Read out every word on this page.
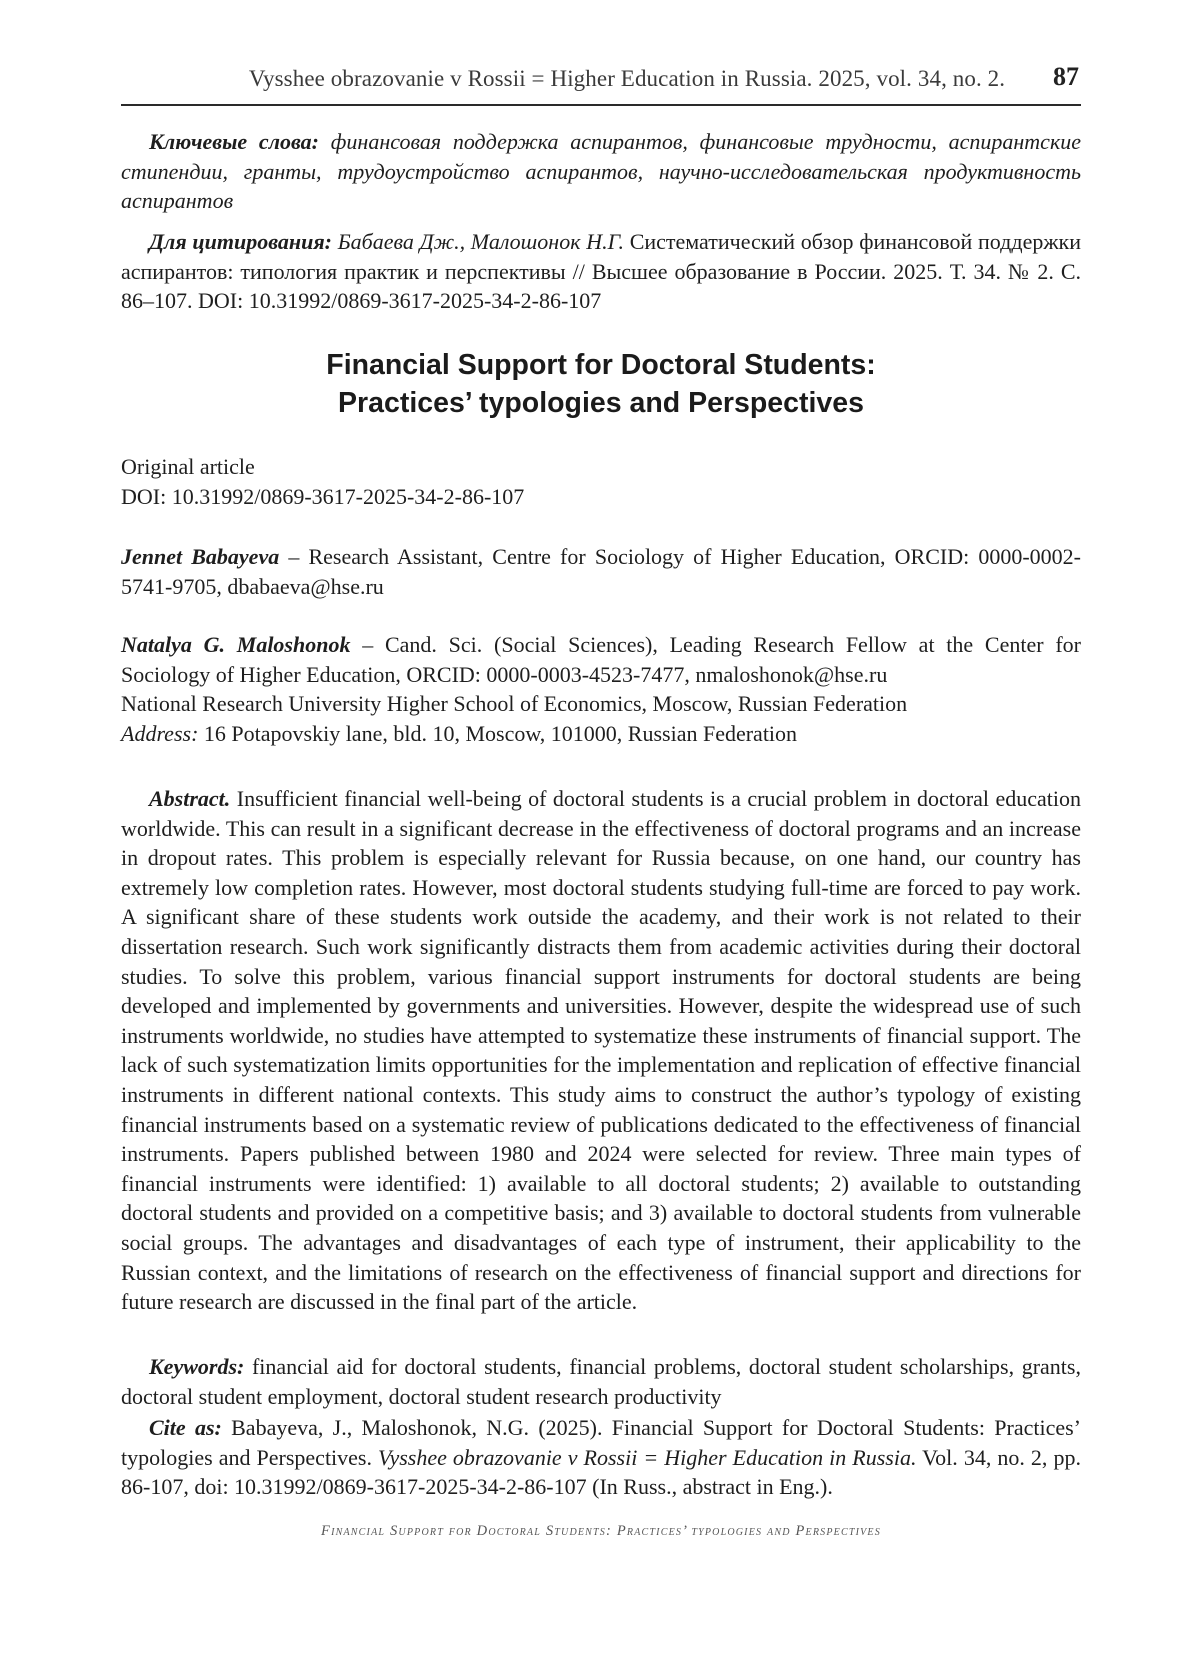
Vysshee obrazovanie v Rossii = Higher Education in Russia. 2025, vol. 34, no. 2.	87
Ключевые слова: финансовая поддержка аспирантов, финансовые трудности, аспирантские стипендии, гранты, трудоустройство аспирантов, научно-исследовательская продуктивность аспирантов
Для цитирования: Бабаева Дж., Малошонок Н.Г. Систематический обзор финансовой поддержки аспирантов: типология практик и перспективы // Высшее образование в России. 2025. Т. 34. № 2. С. 86–107. DOI: 10.31992/0869-3617-2025-34-2-86-107
Financial Support for Doctoral Students:
Practices’ typologies and Perspectives
Original article
DOI: 10.31992/0869-3617-2025-34-2-86-107
Jennet Babayeva – Research Assistant, Centre for Sociology of Higher Education, ORCID: 0000-0002-5741-9705, dbabaeva@hse.ru
Natalya G. Maloshonok – Cand. Sci. (Social Sciences), Leading Research Fellow at the Center for Sociology of Higher Education, ORCID: 0000-0003-4523-7477, nmaloshonok@hse.ru
National Research University Higher School of Economics, Moscow, Russian Federation
Address: 16 Potapovskiy lane, bld. 10, Moscow, 101000, Russian Federation
Abstract. Insufficient financial well-being of doctoral students is a crucial problem in doctoral education worldwide. This can result in a significant decrease in the effectiveness of doctoral programs and an increase in dropout rates. This problem is especially relevant for Russia because, on one hand, our country has extremely low completion rates. However, most doctoral students studying full-time are forced to pay work. A significant share of these students work outside the academy, and their work is not related to their dissertation research. Such work significantly distracts them from academic activities during their doctoral studies. To solve this problem, various financial support instruments for doctoral students are being developed and implemented by governments and universities. However, despite the widespread use of such instruments worldwide, no studies have attempted to systematize these instruments of financial support. The lack of such systematization limits opportunities for the implementation and replication of effective financial instruments in different national contexts. This study aims to construct the author’s typology of existing financial instruments based on a systematic review of publications dedicated to the effectiveness of financial instruments. Papers published between 1980 and 2024 were selected for review. Three main types of financial instruments were identified: 1) available to all doctoral students; 2) available to outstanding doctoral students and provided on a competitive basis; and 3) available to doctoral students from vulnerable social groups. The advantages and disadvantages of each type of instrument, their applicability to the Russian context, and the limitations of research on the effectiveness of financial support and directions for future research are discussed in the final part of the article.
Keywords: financial aid for doctoral students, financial problems, doctoral student scholarships, grants, doctoral student employment, doctoral student research productivity
Cite as: Babayeva, J., Maloshonok, N.G. (2025). Financial Support for Doctoral Students: Practices’ typologies and Perspectives. Vysshee obrazovanie v Rossii = Higher Education in Russia. Vol. 34, no. 2, pp. 86-107, doi: 10.31992/0869-3617-2025-34-2-86-107 (In Russ., abstract in Eng.).
Financial Support for Doctoral Students: Practices’ typologies and Perspectives
